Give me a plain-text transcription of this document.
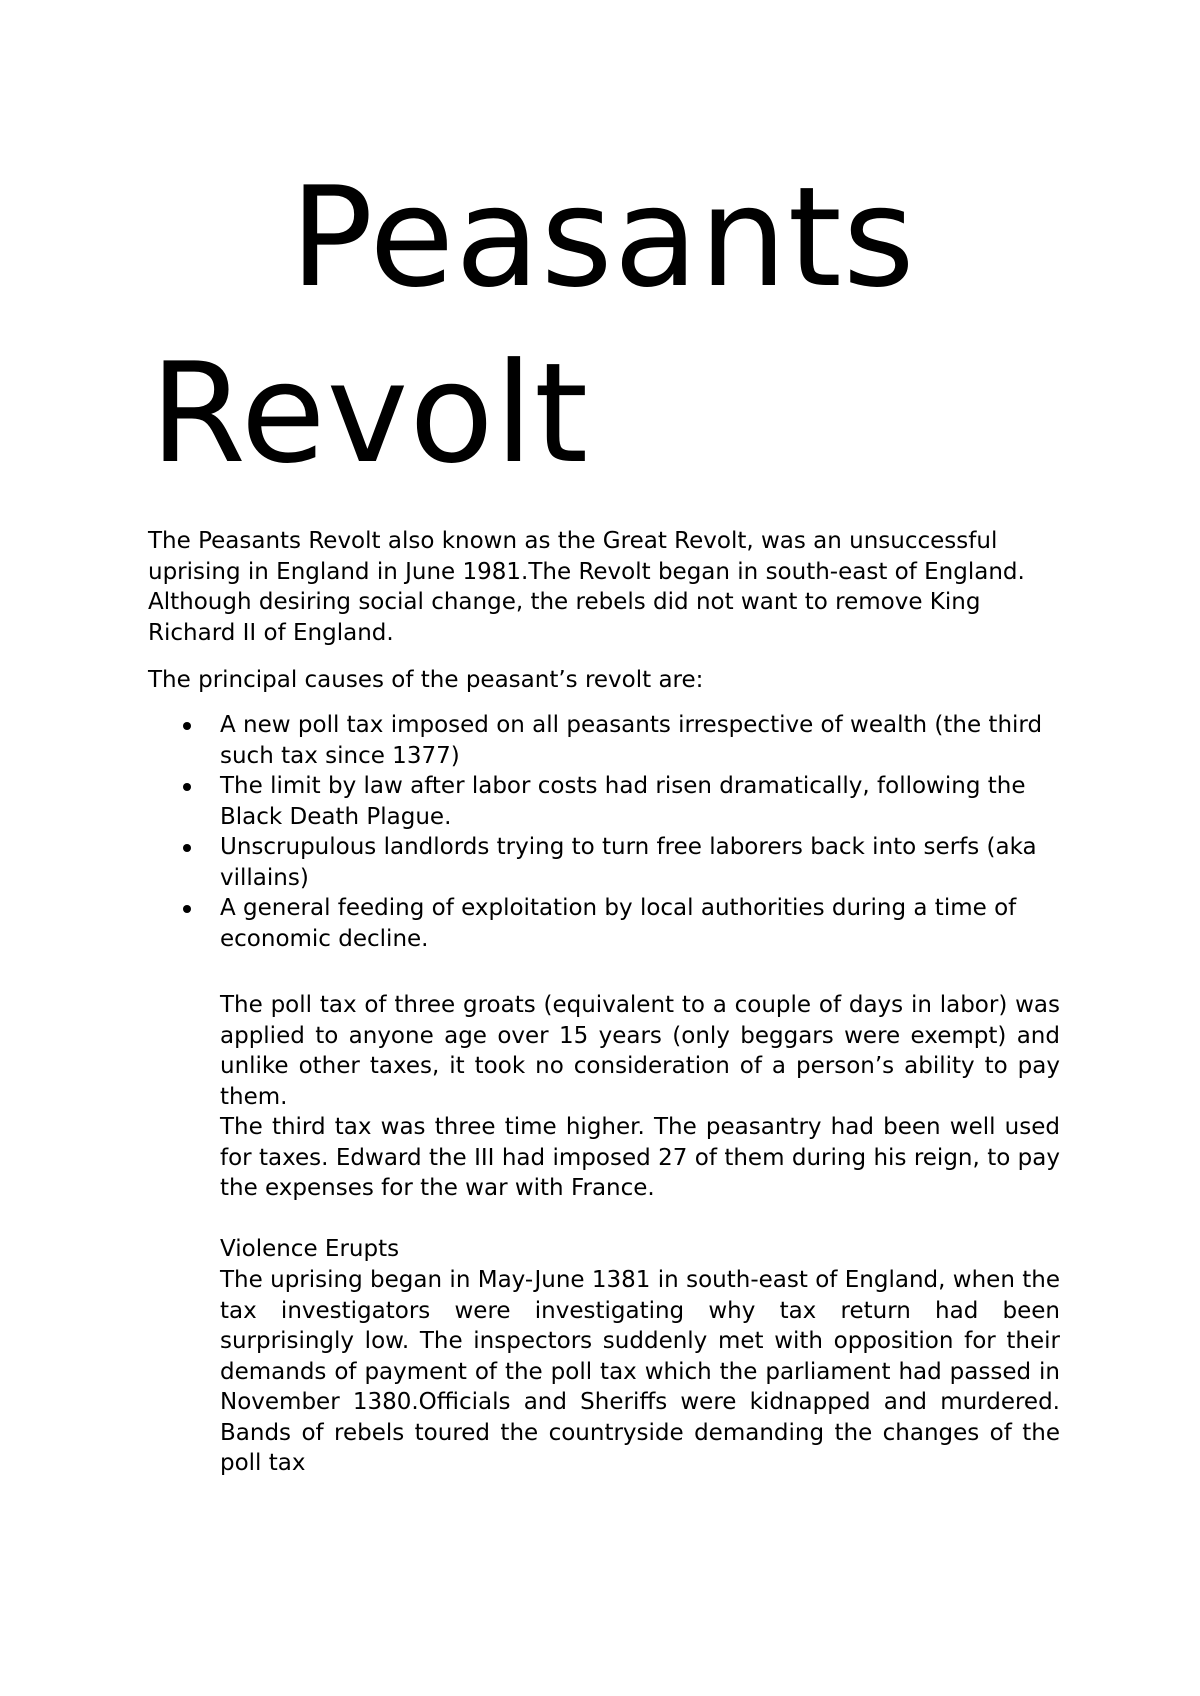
Peasants Revolt

The Peasants Revolt also known as the Great Revolt, was an unsuccessful uprising in England in June 1981.The Revolt began in south-east of England. Although desiring social change, the rebels did not want to remove King Richard II of England.

The principal causes of the peasant’s revolt are:

A new poll tax imposed on all peasants irrespective of wealth (the third such tax since 1377)
The limit by law after labor costs had risen dramatically, following the Black Death Plague.
Unscrupulous landlords trying to turn free laborers back into serfs (aka villains)
A general feeding of exploitation by local authorities during a time of economic decline.

The poll tax of three groats (equivalent to a couple of days in labor) was applied to anyone age over 15 years (only beggars were exempt) and unlike other taxes, it took no consideration of a person’s ability to pay them.

The third tax was three time higher. The peasantry had been well used for taxes. Edward the III had imposed 27 of them during his reign, to pay the expenses for the war with France.

Violence Erupts

The uprising began in May-June 1381 in south-east of England, when the tax investigators were investigating why tax return had been surprisingly low. The inspectors suddenly met with opposition for their demands of payment of the poll tax which the parliament had passed in November 1380.Officials and Sheriffs were kidnapped and murdered. Bands of rebels toured the countryside demanding the changes of the poll tax
